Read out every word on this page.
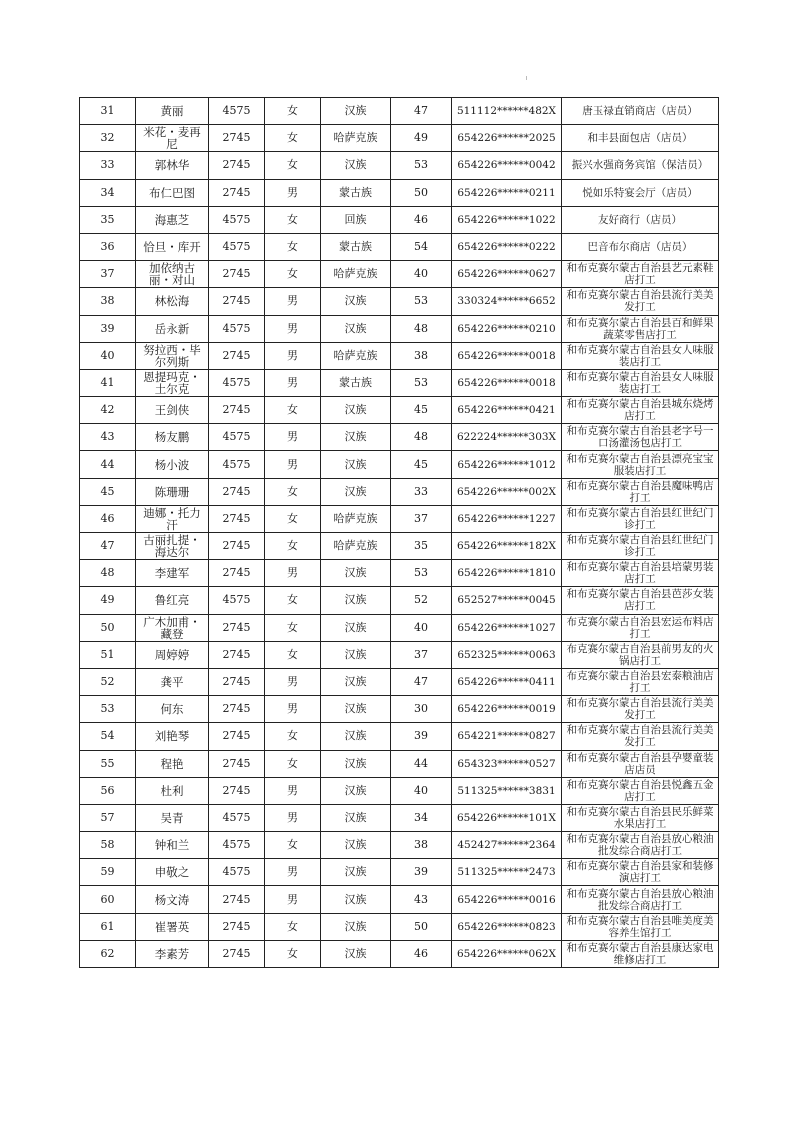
31	黄丽	4575	女	汉族	47	511112******482X	唐玉禄直销商店（店员）
32	米花・麦再尼	2745	女	哈萨克族	49	654226******2025	和丰县面包店（店员）
33	郭林华	2745	女	汉族	53	654226******0042	振兴水强商务宾馆（保洁员）
34	布仁巴图	2745	男	蒙古族	50	654226******0211	悦如乐特宴会厅（店员）
35	海惠芝	4575	女	回族	46	654226******1022	友好商行（店员）
36	恰旦・库开	4575	女	蒙古族	54	654226******0222	巴音布尔商店（店员）
37	加依纳古丽・对山	2745	女	哈萨克族	40	654226******0627	和布克赛尔蒙古自治县艺元素鞋店打工
38	林松海	2745	男	汉族	53	330324******6652	和布克赛尔蒙古自治县流行美美发打工
39	岳永新	4575	男	汉族	48	654226******0210	和布克赛尔蒙古自治县百和鲜果蔬菜零售店打工
40	努拉西・毕尔列斯	2745	男	哈萨克族	38	654226******0018	和布克赛尔蒙古自治县女人味服装店打工
41	恩提玛克・土尔克	4575	男	蒙古族	53	654226******0018	和布克赛尔蒙古自治县女人味服装店打工
42	王剑侠	2745	女	汉族	45	654226******0421	和布克赛尔蒙古自治县城东烧烤店打工
43	杨友鹏	4575	男	汉族	48	622224******303X	和布克赛尔蒙古自治县老字号一口汤灌汤包店打工
44	杨小波	4575	男	汉族	45	654226******1012	和布克赛尔蒙古自治县漂亮宝宝服装店打工
45	陈珊珊	2745	女	汉族	33	654226******002X	和布克赛尔蒙古自治县魔味鸭店打工
46	迪娜・托力汗	2745	女	哈萨克族	37	654226******1227	和布克赛尔蒙古自治县红世纪门诊打工
47	古丽扎提・海达尔	2745	女	哈萨克族	35	654226******182X	和布克赛尔蒙古自治县红世纪门诊打工
48	李建军	2745	男	汉族	53	654226******1810	和布克赛尔蒙古自治县培蒙男装店打工
49	鲁红亮	4575	女	汉族	52	652527******0045	和布克赛尔蒙古自治县芭莎女装店打工
50	广木加甫・藏登	2745	女	汉族	40	654226******1027	布克赛尔蒙古自治县宏运布料店打工
51	周婷婷	2745	女	汉族	37	652325******0063	布克赛尔蒙古自治县前男友的火锅店打工
52	龚平	2745	男	汉族	47	654226******0411	布克赛尔蒙古自治县宏泰粮油店打工
53	何东	2745	男	汉族	30	654226******0019	和布克赛尔蒙古自治县流行美美发打工
54	刘艳琴	2745	女	汉族	39	654221******0827	和布克赛尔蒙古自治县流行美美发打工
55	程艳	2745	女	汉族	44	654323******0527	和布克赛尔蒙古自治县孕婴童装店店员
56	杜利	2745	男	汉族	40	511325******3831	和布克赛尔蒙古自治县悦鑫五金店打工
57	吴青	4575	男	汉族	34	654226******101X	和布克赛尔蒙古自治县民乐鲜菜水果店打工
58	钟和兰	4575	女	汉族	38	452427******2364	和布克赛尔蒙古自治县放心粮油批发综合商店打工
59	申敬之	4575	男	汉族	39	511325******2473	和布克赛尔蒙古自治县家和装修演店打工
60	杨文涛	2745	男	汉族	43	654226******0016	和布克赛尔蒙古自治县放心粮油批发综合商店打工
61	崔署英	2745	女	汉族	50	654226******0823	和布克赛尔蒙古自治县唯美度美容养生馆打工
62	李素芳	2745	女	汉族	46	654226******062X	和布克赛尔蒙古自治县康达家电维修店打工
